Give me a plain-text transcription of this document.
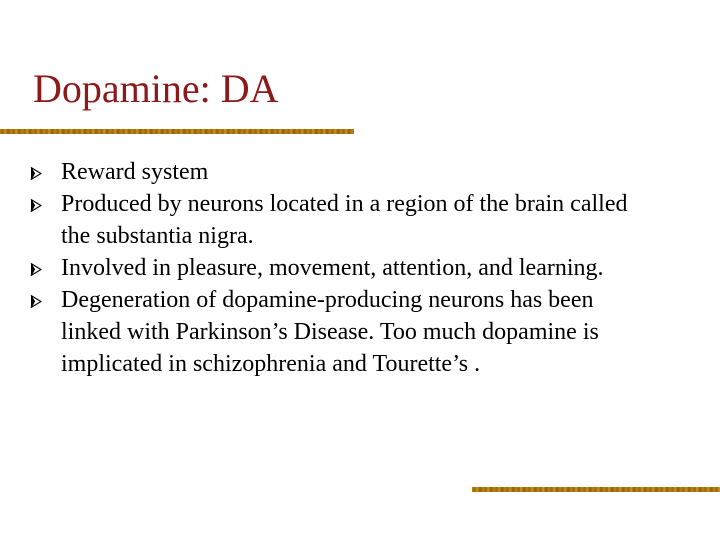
Dopamine: DA
Reward system
Produced by neurons located in a region of the brain called the substantia nigra.
Involved in pleasure, movement, attention, and learning.
Degeneration of dopamine-producing neurons has been linked with Parkinson’s Disease. Too much dopamine is implicated in schizophrenia and Tourette’s .
